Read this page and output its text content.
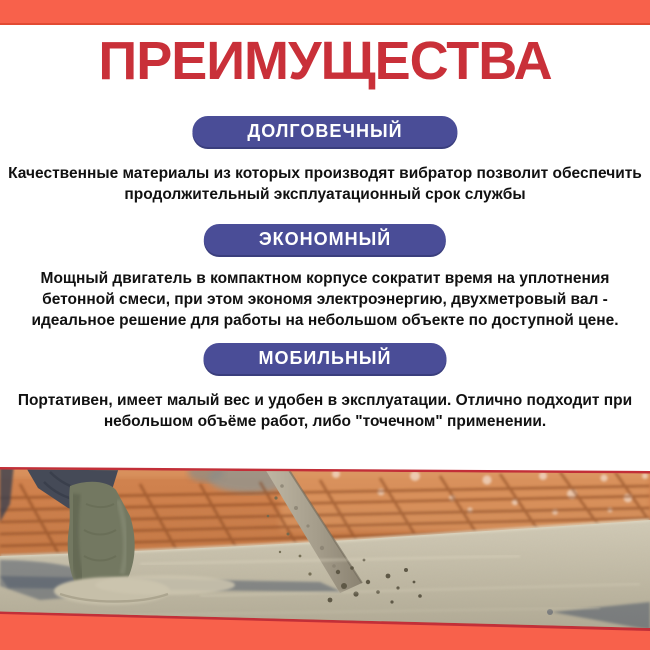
ПРЕИМУЩЕСТВА
ДОЛГОВЕЧНЫЙ
Качественные материалы из которых производят вибратор позволит обеспечить
продолжительный эксплуатационный срок службы
ЭКОНОМНЫЙ
Мощный двигатель в компактном корпусе сократит время на уплотнения
бетонной смеси, при этом экономя электроэнергию, двухметровый вал -
идеальное решение для работы на небольшом объекте по доступной цене.
МОБИЛЬНЫЙ
Портативен, имеет малый вес и удобен в эксплуатации. Отлично подходит при
небольшом объёме работ, либо "точечном" применении.
